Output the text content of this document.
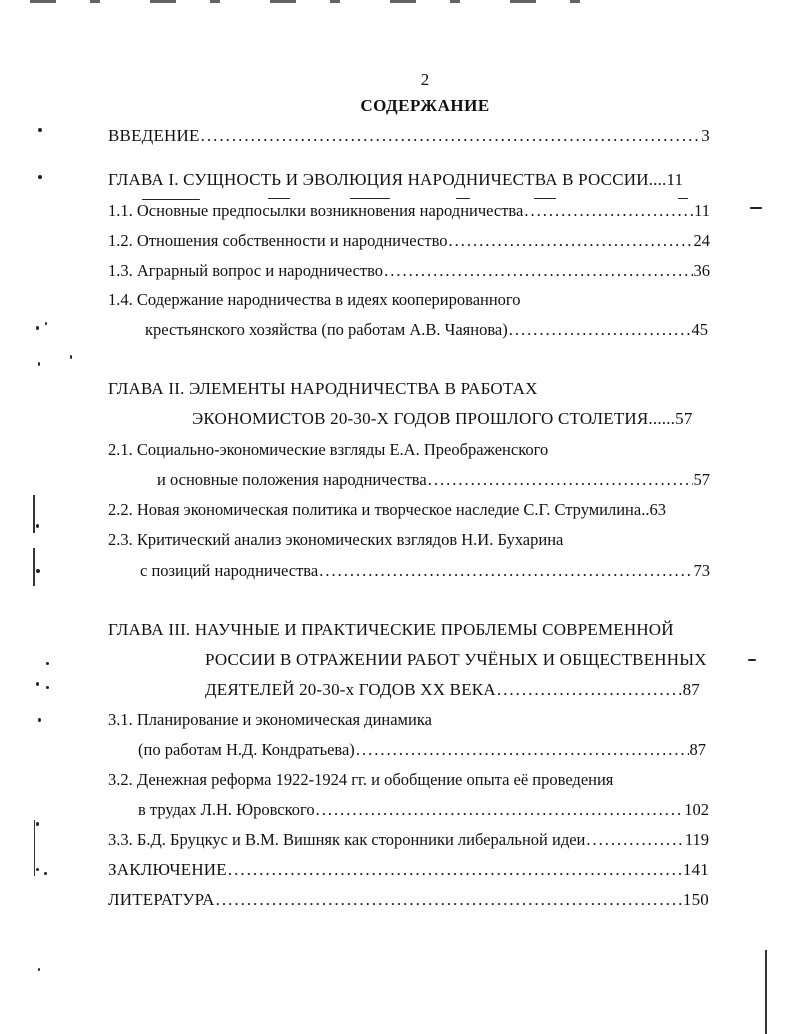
2
СОДЕРЖАНИЕ
ВВЕДЕНИЕ .....	3
ГЛАВА I. СУЩНОСТЬ И ЭВОЛЮЦИЯ НАРОДНИЧЕСТВА В РОССИИ....11
1.1. Основные предпосылки возникновения народничества .....	11
1.2. Отношения собственности и народничество .....	24
1.3. Аграрный вопрос и народничество .....	36
1.4. Содержание народничества в идеях кооперированного
крестьянского хозяйства (по работам А.В. Чаянова) .....	45
ГЛАВА II. ЭЛЕМЕНТЫ НАРОДНИЧЕСТВА В РАБОТАХ
ЭКОНОМИСТОВ 20-30-Х ГОДОВ ПРОШЛОГО СТОЛЕТИЯ......57
2.1. Социально-экономические взгляды Е.А. Преображенского
и основные положения народничества .....	57
2.2. Новая экономическая политика и творческое наследие С.Г. Струмилина..63
2.3. Критический анализ экономических взглядов Н.И. Бухарина
с позиций народничества .....	73
ГЛАВА III. НАУЧНЫЕ И ПРАКТИЧЕСКИЕ ПРОБЛЕМЫ СОВРЕМЕННОЙ
РОССИИ В ОТРАЖЕНИИ РАБОТ УЧЁНЫХ И ОБЩЕСТВЕННЫХ
ДЕЯТЕЛЕЙ 20-30-х ГОДОВ XX ВЕКА .....	87
3.1. Планирование и экономическая динамика
(по работам Н.Д. Кондратьева) .....	87
3.2. Денежная реформа 1922-1924 гг. и обобщение опыта её проведения
в трудах Л.Н. Юровского .....	102
3.3. Б.Д. Бруцкус и В.М. Вишняк как сторонники либеральной идеи .....	119
ЗАКЛЮЧЕНИЕ .....	141
ЛИТЕРАТУРА .....	150
